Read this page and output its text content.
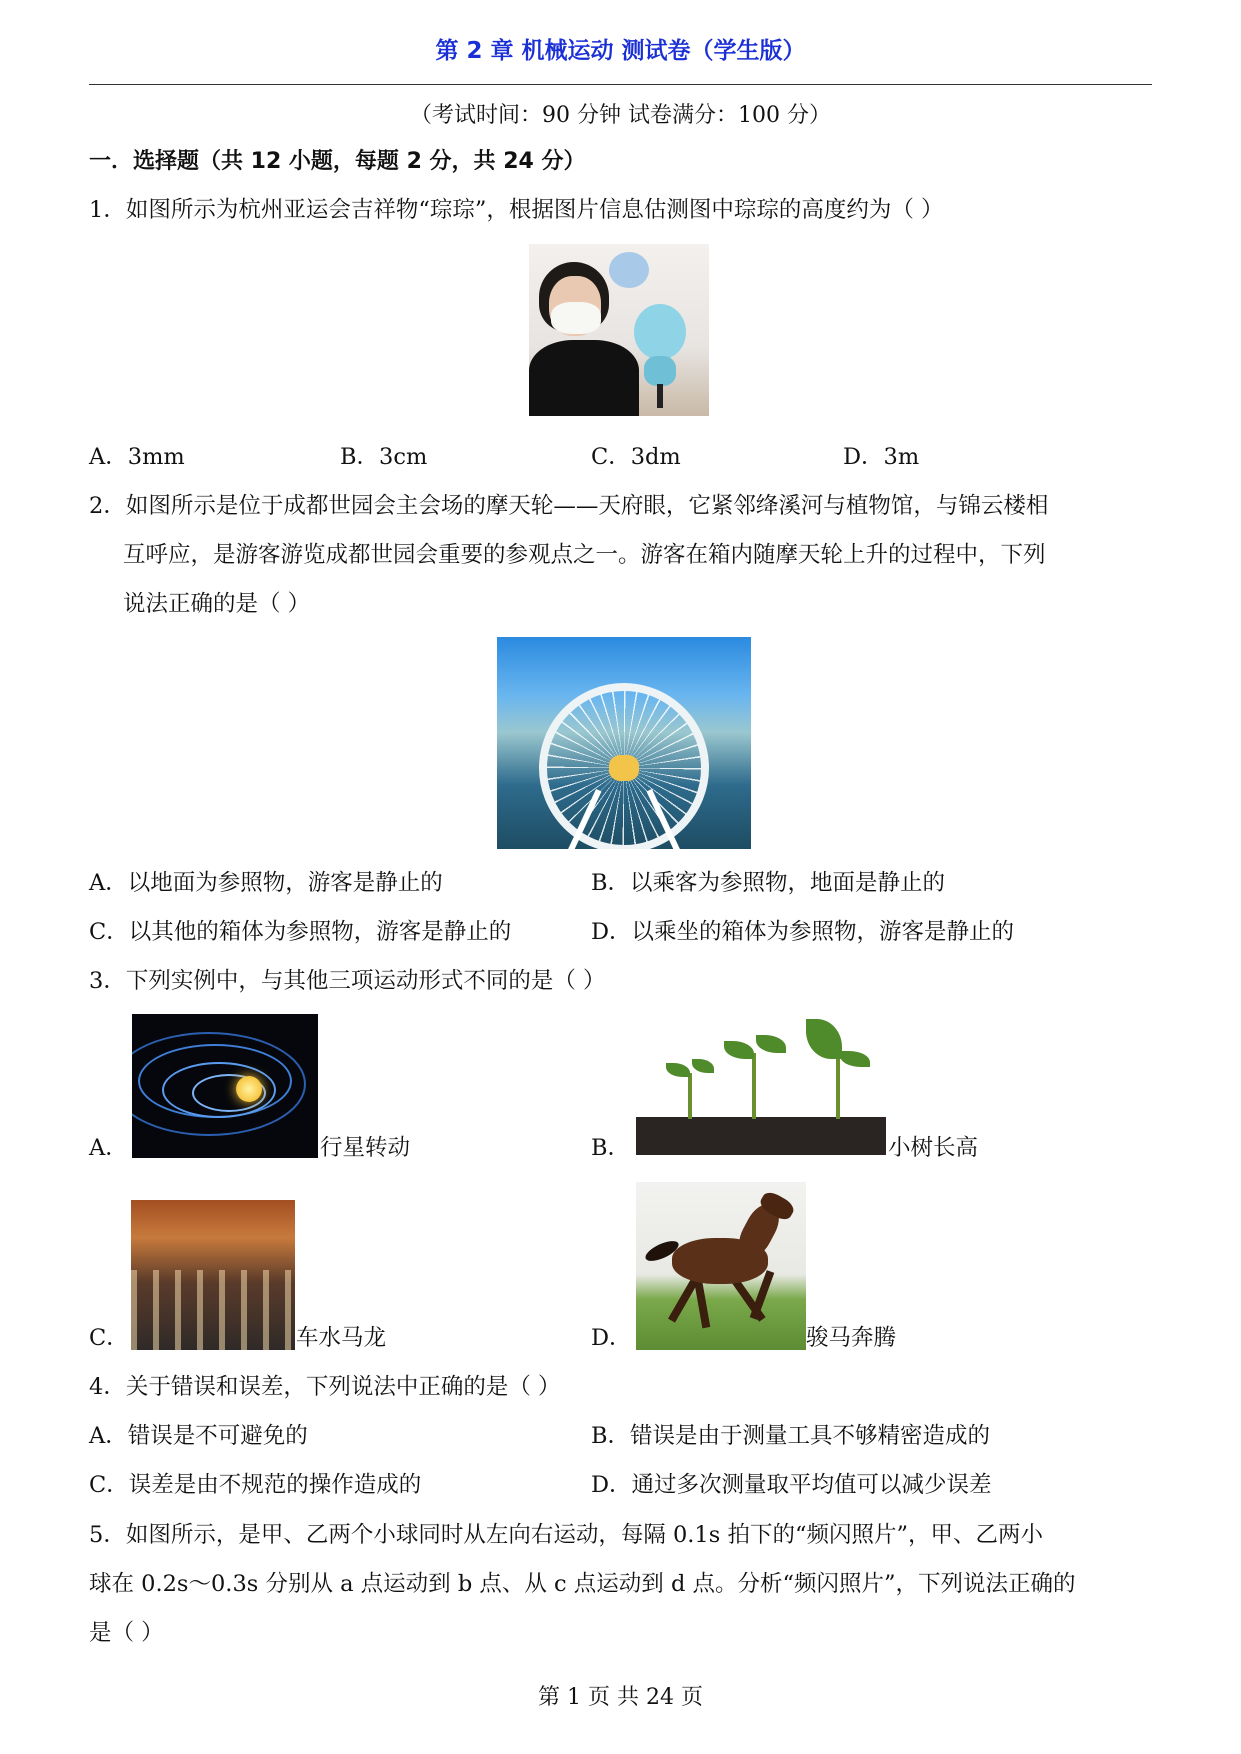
第 2 章 机械运动 测试卷（学生版）
（考试时间：90 分钟 试卷满分：100 分）
一．选择题（共 12 小题，每题 2 分，共 24 分）
1．如图所示为杭州亚运会吉祥物“琮琮”，根据图片信息估测图中琮琮的高度约为（ ）
A．3mm	B．3cm	C．3dm	D．3m
2．如图所示是位于成都世园会主会场的摩天轮——天府眼，它紧邻绛溪河与植物馆，与锦云楼相
互呼应，是游客游览成都世园会重要的参观点之一。游客在箱内随摩天轮上升的过程中，下列
说法正确的是（ ）
A．以地面为参照物，游客是静止的	B．以乘客为参照物，地面是静止的
C．以其他的箱体为参照物，游客是静止的	D．以乘坐的箱体为参照物，游客是静止的
3．下列实例中，与其他三项运动形式不同的是（ ）
A．	行星转动	B．	小树长高
C．	车水马龙	D．	骏马奔腾
4．关于错误和误差，下列说法中正确的是（ ）
A．错误是不可避免的	B．错误是由于测量工具不够精密造成的
C．误差是由不规范的操作造成的	D．通过多次测量取平均值可以减少误差
5．如图所示，是甲、乙两个小球同时从左向右运动，每隔 0.1s 拍下的“频闪照片”，甲、乙两小
球在 0.2s～0.3s 分别从 a 点运动到 b 点、从 c 点运动到 d 点。分析“频闪照片”，下列说法正确的
是（ ）
第 1 页 共 24 页
